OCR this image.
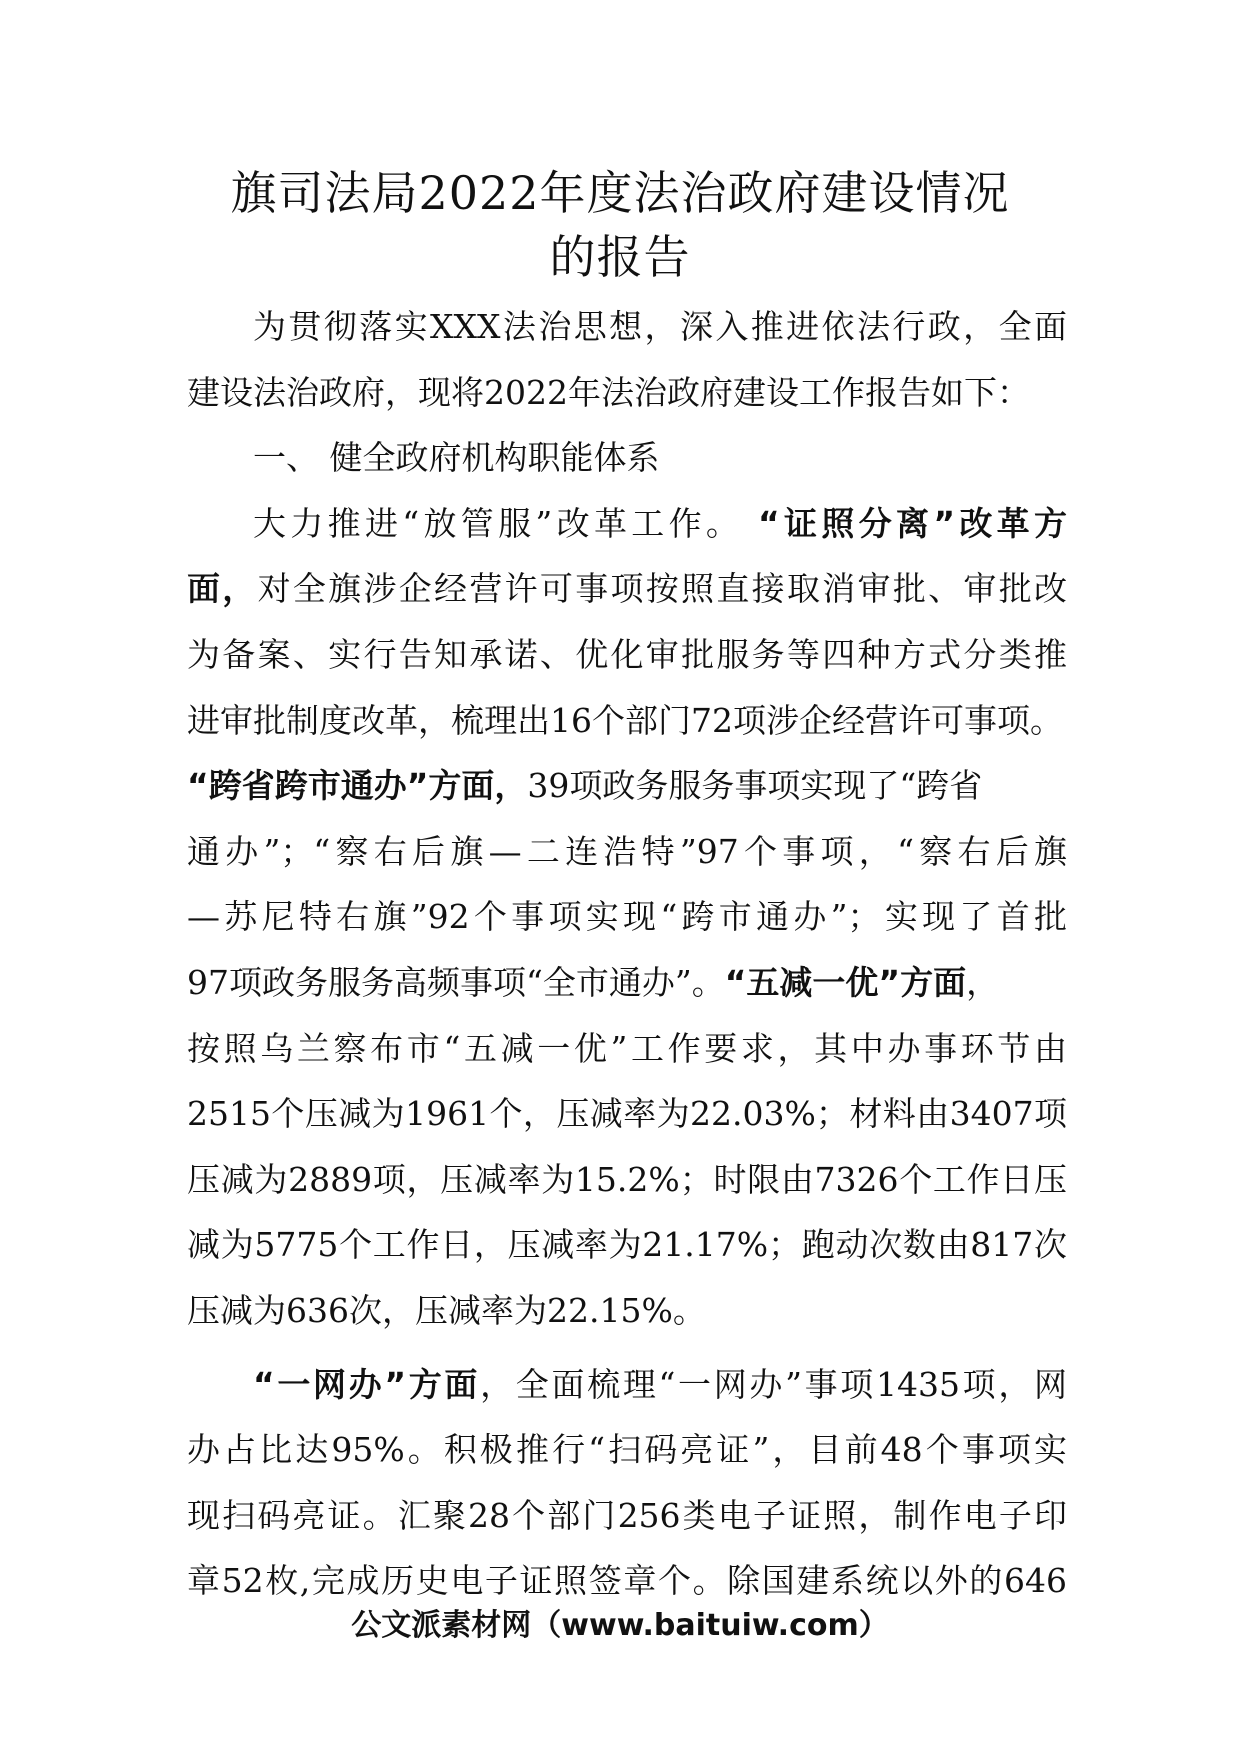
旗司法局2022年度法治政府建设情况
的报告
为贯彻落实XXX法治思想，深入推进依法行政，全面
建设法治政府，现将2022年法治政府建设工作报告如下：
一、 健全政府机构职能体系
大力推进“放管服”改革工作。 “证照分离”改革方
面，对全旗涉企经营许可事项按照直接取消审批、审批改
为备案、实行告知承诺、优化审批服务等四种方式分类推
进审批制度改革，梳理出16个部门72项涉企经营许可事项。
“跨省跨市通办”方面，39项政务服务事项实现了“跨省
通办”；“察右后旗—二连浩特”97个事项，“察右后旗
—苏尼特右旗”92个事项实现“跨市通办”；实现了首批
97项政务服务高频事项“全市通办”。“五减一优”方面，
按照乌兰察布市“五减一优”工作要求，其中办事环节由
2515个压减为1961个，压减率为22.03%；材料由3407项
压减为2889项，压减率为15.2%；时限由7326个工作日压
减为5775个工作日，压减率为21.17%；跑动次数由817次
压减为636次，压减率为22.15%。
“一网办”方面，全面梳理“一网办”事项1435项，网
办占比达95%。积极推行“扫码亮证”，目前48个事项实
现扫码亮证。汇聚28个部门256类电子证照，制作电子印
章52枚,完成历史电子证照签章个。除国建系统以外的646
公文派素材网（www.baituiw.com）
